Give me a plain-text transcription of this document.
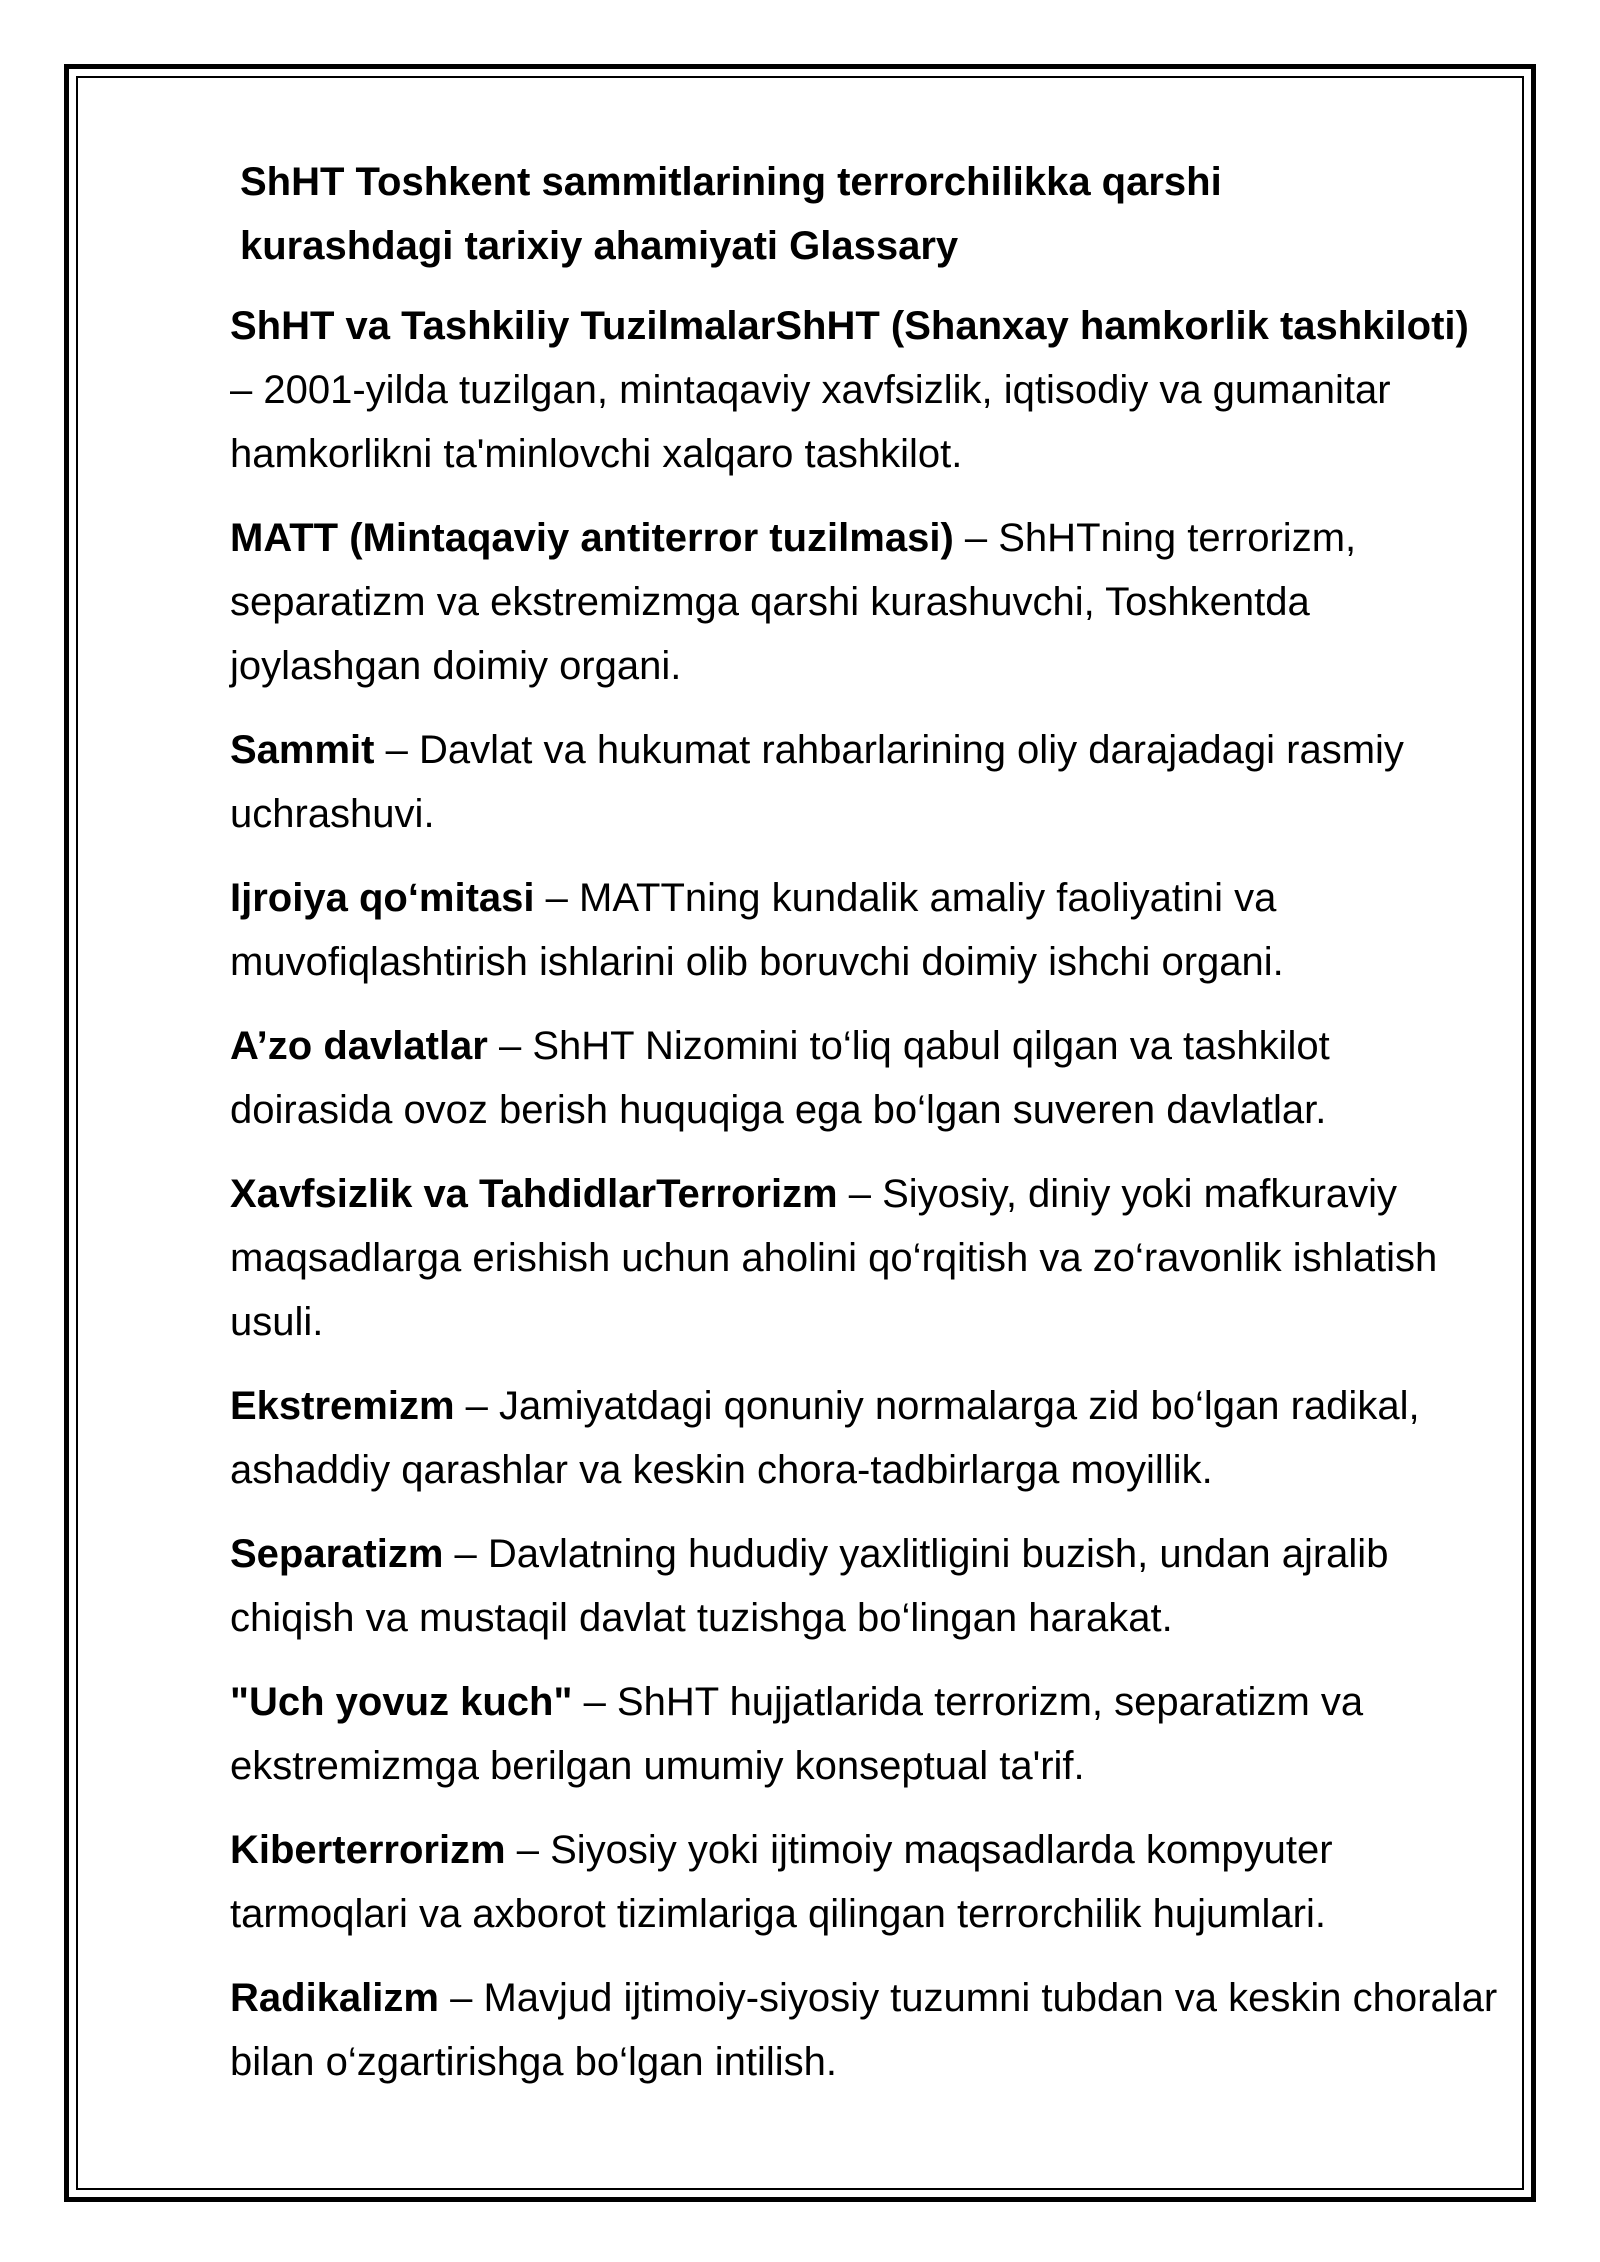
ShHT Toshkent sammitlarining terrorchilikka qarshi
kurashdagi tarixiy ahamiyati Glassary
ShHT va Tashkiliy TuzilmalarShHT (Shanxay hamkorlik tashkiloti) – 2001-yilda tuzilgan, mintaqaviy xavfsizlik, iqtisodiy va gumanitar hamkorlikni ta'minlovchi xalqaro tashkilot.
MATT (Mintaqaviy antiterror tuzilmasi) – ShHTning terrorizm, separatizm va ekstremizmga qarshi kurashuvchi, Toshkentda joylashgan doimiy organi.
Sammit – Davlat va hukumat rahbarlarining oliy darajadagi rasmiy uchrashuvi.
Ijroiya qo‘mitasi – MATTning kundalik amaliy faoliyatini va muvofiqlashtirish ishlarini olib boruvchi doimiy ishchi organi.
A’zo davlatlar – ShHT Nizomini to‘liq qabul qilgan va tashkilot doirasida ovoz berish huquqiga ega bo‘lgan suveren davlatlar.
Xavfsizlik va TahdidlarTerrorizm – Siyosiy, diniy yoki mafkuraviy maqsadlarga erishish uchun aholini qo‘rqitish va zo‘ravonlik ishlatish usuli.
Ekstremizm – Jamiyatdagi qonuniy normalarga zid bo‘lgan radikal, ashaddiy qarashlar va keskin chora-tadbirlarga moyillik.
Separatizm – Davlatning hududiy yaxlitligini buzish, undan ajralib chiqish va mustaqil davlat tuzishga bo‘lingan harakat.
"Uch yovuz kuch" – ShHT hujjatlarida terrorizm, separatizm va ekstremizmga berilgan umumiy konseptual ta'rif.
Kiberterrorizm – Siyosiy yoki ijtimoiy maqsadlarda kompyuter tarmoqlari va axborot tizimlariga qilingan terrorchilik hujumlari.
Radikalizm – Mavjud ijtimoiy-siyosiy tuzumni tubdan va keskin choralar bilan o‘zgartirishga bo‘lgan intilish.
